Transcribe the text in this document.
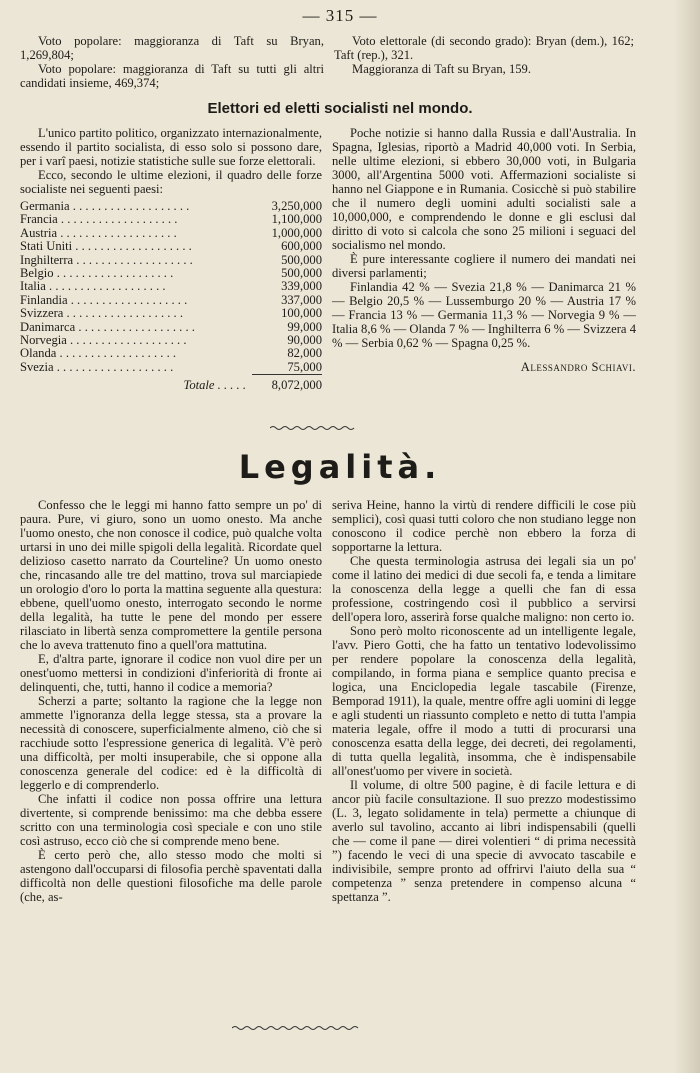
— 315 —

Voto popolare: maggioranza di Taft su Bryan, 1,269,804;

Voto popolare: maggioranza di Taft su tutti gli altri candidati insieme, 469,374;

Voto elettorale (di secondo grado): Bryan (dem.), 162; Taft (rep.), 321.

Maggioranza di Taft su Bryan, 159.

Elettori ed eletti socialisti nel mondo.

L'unico partito politico, organizzato internazionalmente, essendo il partito socialista, di esso solo si possono dare, per i varî paesi, notizie statistiche sulle sue forze elettorali.

Ecco, secondo le ultime elezioni, il quadro delle forze socialiste nei seguenti paesi:

Germania . . . . . . . . . . . . . . . . . . .	3,250,000
Francia . . . . . . . . . . . . . . . . . . .	1,100,000
Austria . . . . . . . . . . . . . . . . . . .	1,000,000
Stati Uniti . . . . . . . . . . . . . . . . . . .	600,000
Inghilterra . . . . . . . . . . . . . . . . . . .	500,000
Belgio . . . . . . . . . . . . . . . . . . .	500,000
Italia . . . . . . . . . . . . . . . . . . .	339,000
Finlandia . . . . . . . . . . . . . . . . . . .	337,000
Svizzera . . . . . . . . . . . . . . . . . . .	100,000
Danimarca . . . . . . . . . . . . . . . . . . .	99,000
Norvegia . . . . . . . . . . . . . . . . . . .	90,000
Olanda . . . . . . . . . . . . . . . . . . .	82,000
Svezia . . . . . . . . . . . . . . . . . . .	75,000
Totale . . . . .	8,072,000

Poche notizie si hanno dalla Russia e dall'Australia. In Spagna, Iglesias, riportò a Madrid 40,000 voti. In Serbia, nelle ultime elezioni, si ebbero 30,000 voti, in Bulgaria 3000, all'Argentina 5000 voti. Affermazioni socialiste si hanno nel Giappone e in Rumania. Cosicchè si può stabilire che il numero degli uomini adulti socialisti sale a 10,000,000, e comprendendo le donne e gli esclusi dal diritto di voto si calcola che sono 25 milioni i seguaci del socialismo nel mondo.

È pure interessante cogliere il numero dei mandati nei diversi parlamenti;

Finlandia 42 % — Svezia 21,8 % — Danimarca 21 % — Belgio 20,5 % — Lussemburgo 20 % — Austria 17 % — Francia 13 % — Germania 11,3 % — Norvegia 9 % — Italia 8,6 % — Olanda 7 % — Inghilterra 6 % — Svizzera 4 % — Serbia 0,62 % — Spagna 0,25 %.

Alessandro Schiavi.

Legalità.

Confesso che le leggi mi hanno fatto sempre un po' di paura. Pure, vi giuro, sono un uomo onesto. Ma anche l'uomo onesto, che non conosce il codice, può qualche volta urtarsi in uno dei mille spigoli della legalità. Ricordate quel delizioso casetto narrato da Courteline? Un uomo onesto che, rincasando alle tre del mattino, trova sul marciapiede un orologio d'oro lo porta la mattina seguente alla questura: ebbene, quell'uomo onesto, interrogato secondo le norme della legalità, ha tutte le pene del mondo per essere rilasciato in libertà senza compromettere la gentile persona che lo aveva trattenuto fino a quell'ora mattutina.

E, d'altra parte, ignorare il codice non vuol dire per un onest'uomo mettersi in condizioni d'inferiorità di fronte ai delinquenti, che, tutti, hanno il codice a memoria?

Scherzi a parte; soltanto la ragione che la legge non ammette l'ignoranza della legge stessa, sta a provare la necessità di conoscere, superficialmente almeno, ciò che si racchiude sotto l'espressione generica di legalità. V'è però una difficoltà, per molti insuperabile, che si oppone alla conoscenza generale del codice: ed è la difficoltà di leggerlo e di comprenderlo.

Che infatti il codice non possa offrire una lettura divertente, si comprende benissimo: ma che debba essere scritto con una terminologia così speciale e con uno stile così astruso, ecco ciò che si comprende meno bene.

È certo però che, allo stesso modo che molti si astengono dall'occuparsi di filosofia perchè spaventati dalla difficoltà non delle questioni filosofiche ma delle parole (che, as-

seriva Heine, hanno la virtù di rendere difficili le cose più semplici), così quasi tutti coloro che non studiano legge non conoscono il codice perchè non ebbero la forza di sopportarne la lettura.

Che questa terminologia astrusa dei legali sia un po' come il latino dei medici di due secoli fa, e tenda a limitare la conoscenza della legge a quelli che fan di essa professione, costringendo così il pubblico a servirsi dell'opera loro, asserirà forse qualche maligno: non certo io.

Sono però molto riconoscente ad un intelligente legale, l'avv. Piero Gotti, che ha fatto un tentativo lodevolissimo per rendere popolare la conoscenza della legalità, compilando, in forma piana e semplice quanto precisa e logica, una Enciclopedia legale tascabile (Firenze, Bemporad 1911), la quale, mentre offre agli uomini di legge e agli studenti un riassunto completo e netto di tutta l'ampia materia legale, offre il modo a tutti di procurarsi una conoscenza esatta della legge, dei decreti, dei regolamenti, di tutta quella legalità, insomma, che è indispensabile all'onest'uomo per vivere in società.

Il volume, di oltre 500 pagine, è di facile lettura e di ancor più facile consultazione. Il suo prezzo modestissimo (L. 3, legato solidamente in tela) permette a chiunque di averlo sul tavolino, accanto ai libri indispensabili (quelli che — come il pane — direi volentieri “ di prima necessità ”) facendo le veci di una specie di avvocato tascabile e indivisibile, sempre pronto ad offrirvi l'aiuto della sua “ competenza ” senza pretendere in compenso alcuna “ spettanza ”.
